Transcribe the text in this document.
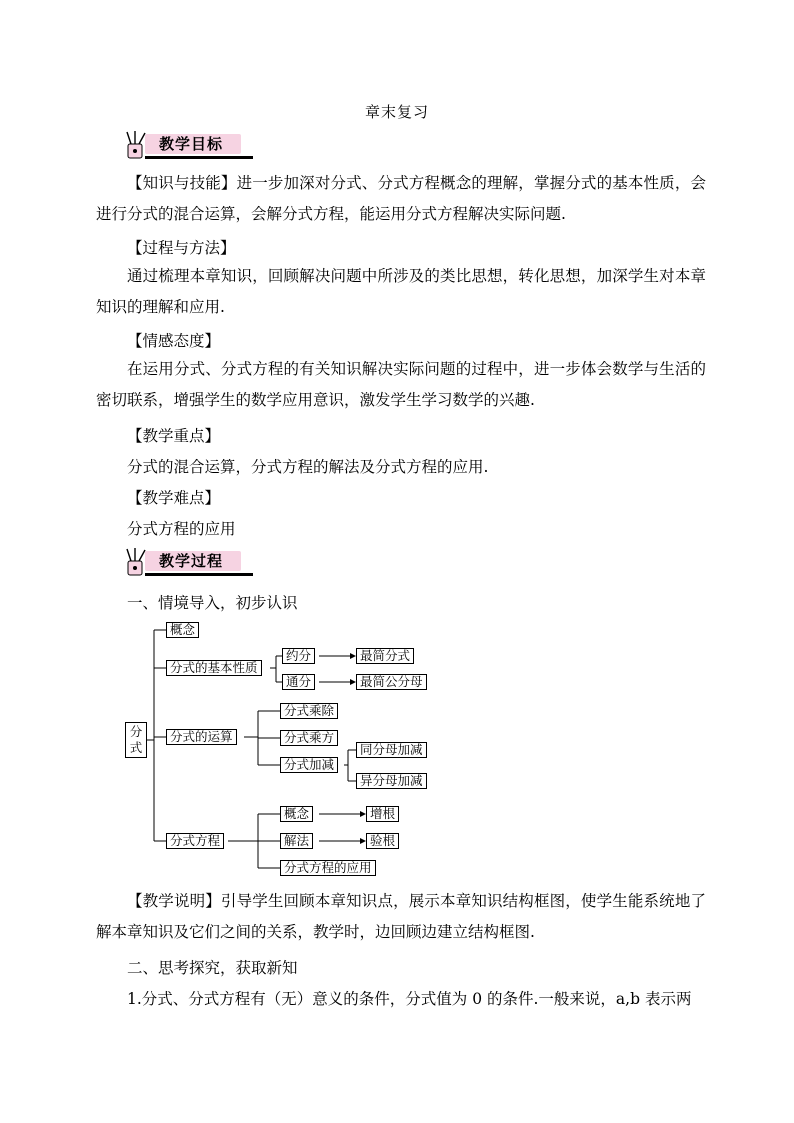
章末复习
教学目标

【知识与技能】进一步加深对分式、分式方程概念的理解，掌握分式的基本性质，会进行分式的混合运算，会解分式方程，能运用分式方程解决实际问题.

【过程与方法】

通过梳理本章知识，回顾解决问题中所涉及的类比思想，转化思想，加深学生对本章知识的理解和应用.

【情感态度】

在运用分式、分式方程的有关知识解决实际问题的过程中，进一步体会数学与生活的密切联系，增强学生的数学应用意识，激发学生学习数学的兴趣.

【教学重点】
分式的混合运算，分式方程的解法及分式方程的应用.
【教学难点】
分式方程的应用
教学过程
一、情境导入，初步认识
分式
概念
分式的基本性质
约分	最简分式
通分	最简公分母
分式的运算
分式乘除
分式乘方
分式加减
同分母加减
异分母加减
分式方程
概念	增根
解法	验根
分式方程的应用

【教学说明】引导学生回顾本章知识点，展示本章知识结构框图，使学生能系统地了解本章知识及它们之间的关系，教学时，边回顾边建立结构框图.

二、思考探究，获取新知
1.分式、分式方程有（无）意义的条件，分式值为 0 的条件.一般来说，a,b 表示两
